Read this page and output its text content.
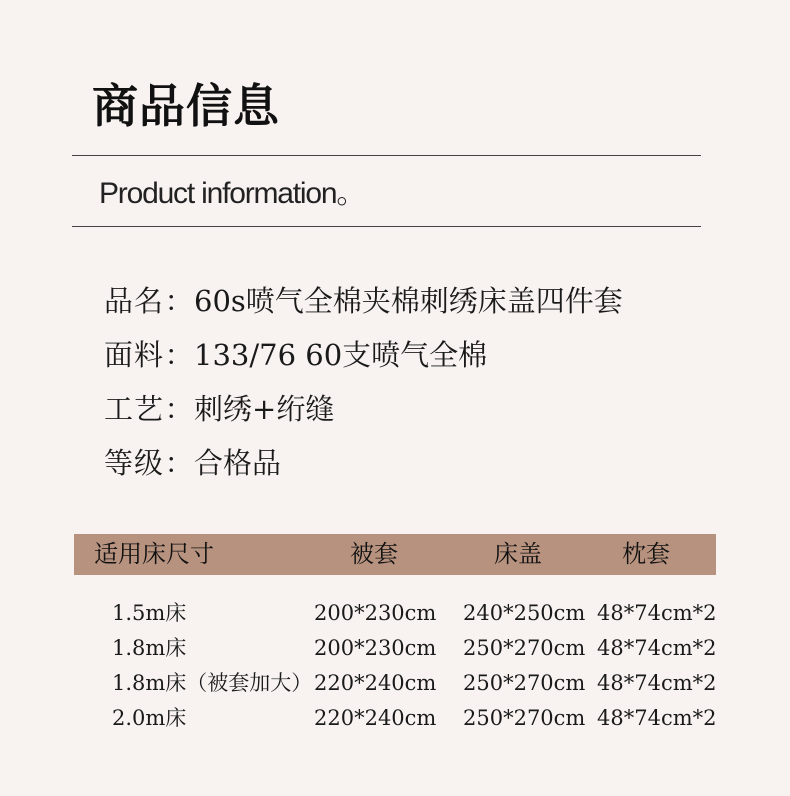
商品信息
Product information。
品名：60s喷气全棉夹棉刺绣床盖四件套
面料：133/76 60支喷气全棉
工艺：刺绣+绗缝
等级：合格品
适用床尺寸	被套	床盖	枕套
1.5m床	200*230cm 240*250cm 48*74cm*2
1.8m床	200*230cm 250*270cm 48*74cm*2
1.8m床（被套加大） 220*240cm 250*270cm 48*74cm*2
2.0m床	220*240cm 250*270cm 48*74cm*2
